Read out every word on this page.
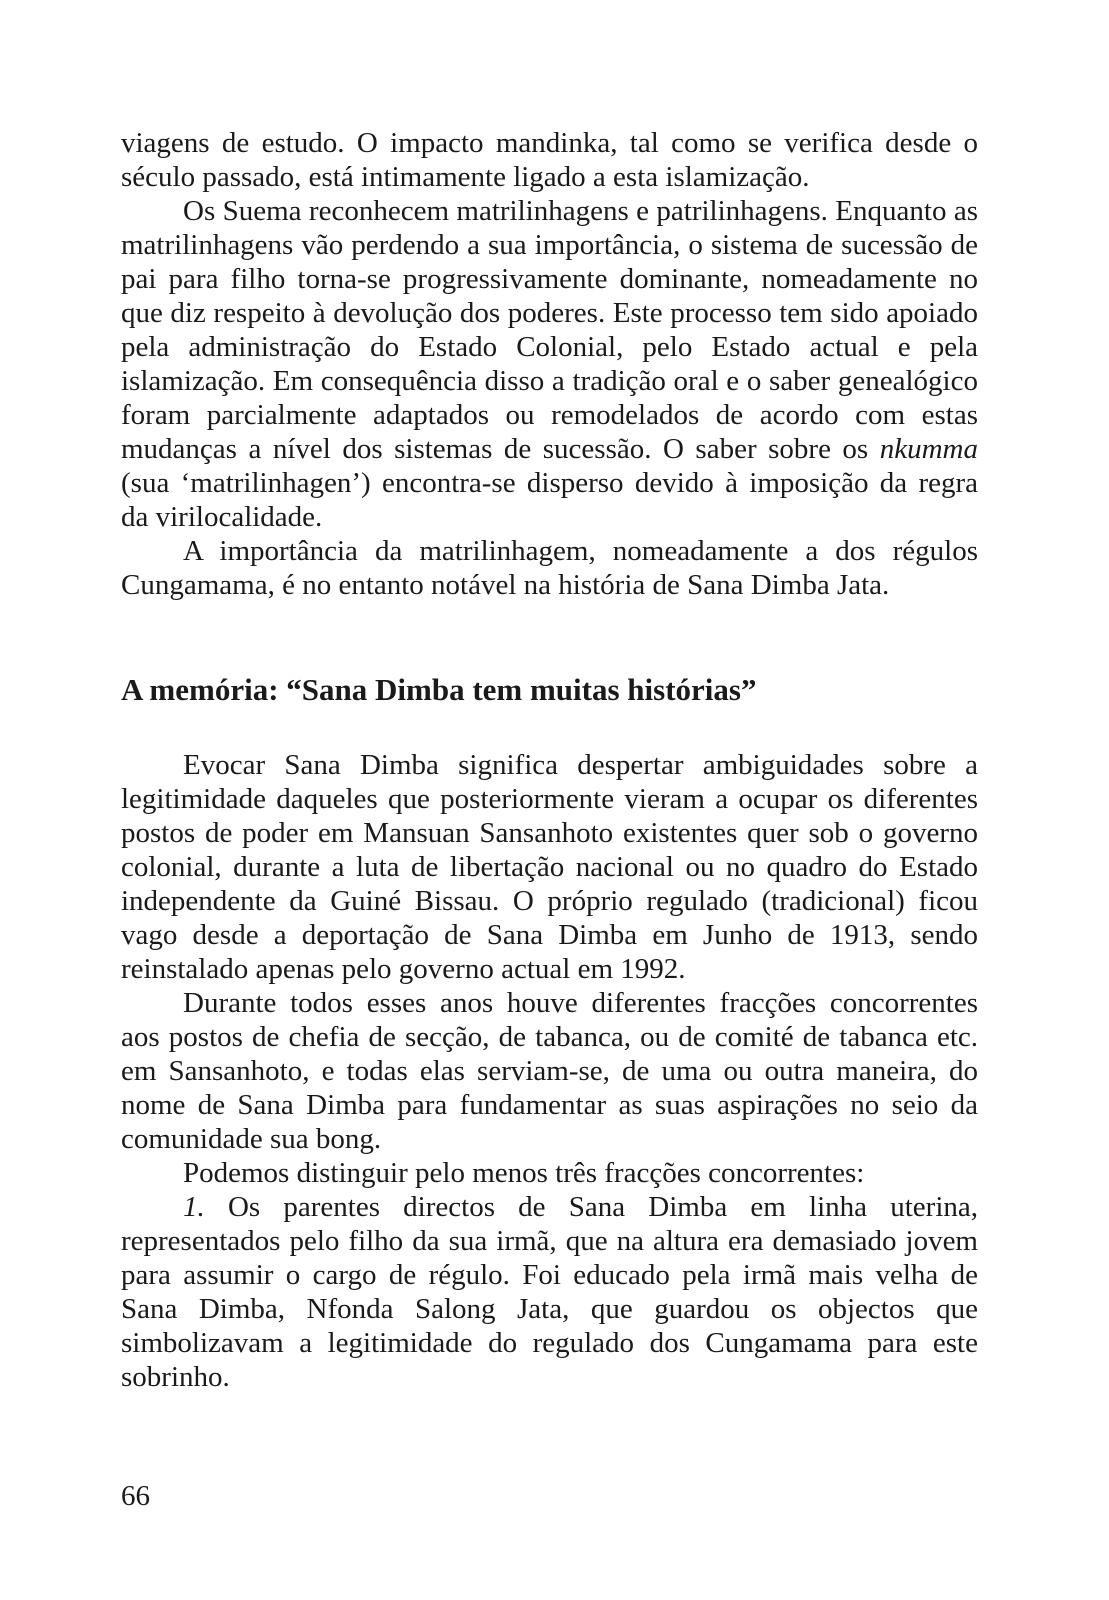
viagens de estudo. O impacto mandinka, tal como se verifica desde o século passado, está intimamente ligado a esta islamização.

Os Suema reconhecem matrilinhagens e patrilinhagens. Enquanto as matrilinhagens vão perdendo a sua importância, o sistema de sucessão de pai para filho torna-se progressivamente dominante, nomeadamente no que diz respeito à devolução dos poderes. Este processo tem sido apoiado pela administração do Estado Colonial, pelo Estado actual e pela islamização. Em consequência disso a tradição oral e o saber genealógico foram parcialmente adaptados ou remodelados de acordo com estas mudanças a nível dos sistemas de sucessão. O saber sobre os nkumma (sua ‘matrilinhagen’) encontra-se disperso devido à imposição da regra da virilocalidade.

A importância da matrilinhagem, nomeadamente a dos régulos Cungamama, é no entanto notável na história de Sana Dimba Jata.

A memória: “Sana Dimba tem muitas histórias”

Evocar Sana Dimba significa despertar ambiguidades sobre a legitimidade daqueles que posteriormente vieram a ocupar os diferentes postos de poder em Mansuan Sansanhoto existentes quer sob o governo colonial, durante a luta de libertação nacional ou no quadro do Estado independente da Guiné Bissau. O próprio regulado (tradicional) ficou vago desde a deportação de Sana Dimba em Junho de 1913, sendo reinstalado apenas pelo governo actual em 1992.

Durante todos esses anos houve diferentes fracções concorrentes aos postos de chefia de secção, de tabanca, ou de comité de tabanca etc. em Sansanhoto, e todas elas serviam-se, de uma ou outra maneira, do nome de Sana Dimba para fundamentar as suas aspirações no seio da comunidade sua bong.

Podemos distinguir pelo menos três fracções concorrentes:

1. Os parentes directos de Sana Dimba em linha uterina, representados pelo filho da sua irmã, que na altura era demasiado jovem para assumir o cargo de régulo. Foi educado pela irmã mais velha de Sana Dimba, Nfonda Salong Jata, que guardou os objectos que simbolizavam a legitimidade do regulado dos Cungamama para este sobrinho.

66
